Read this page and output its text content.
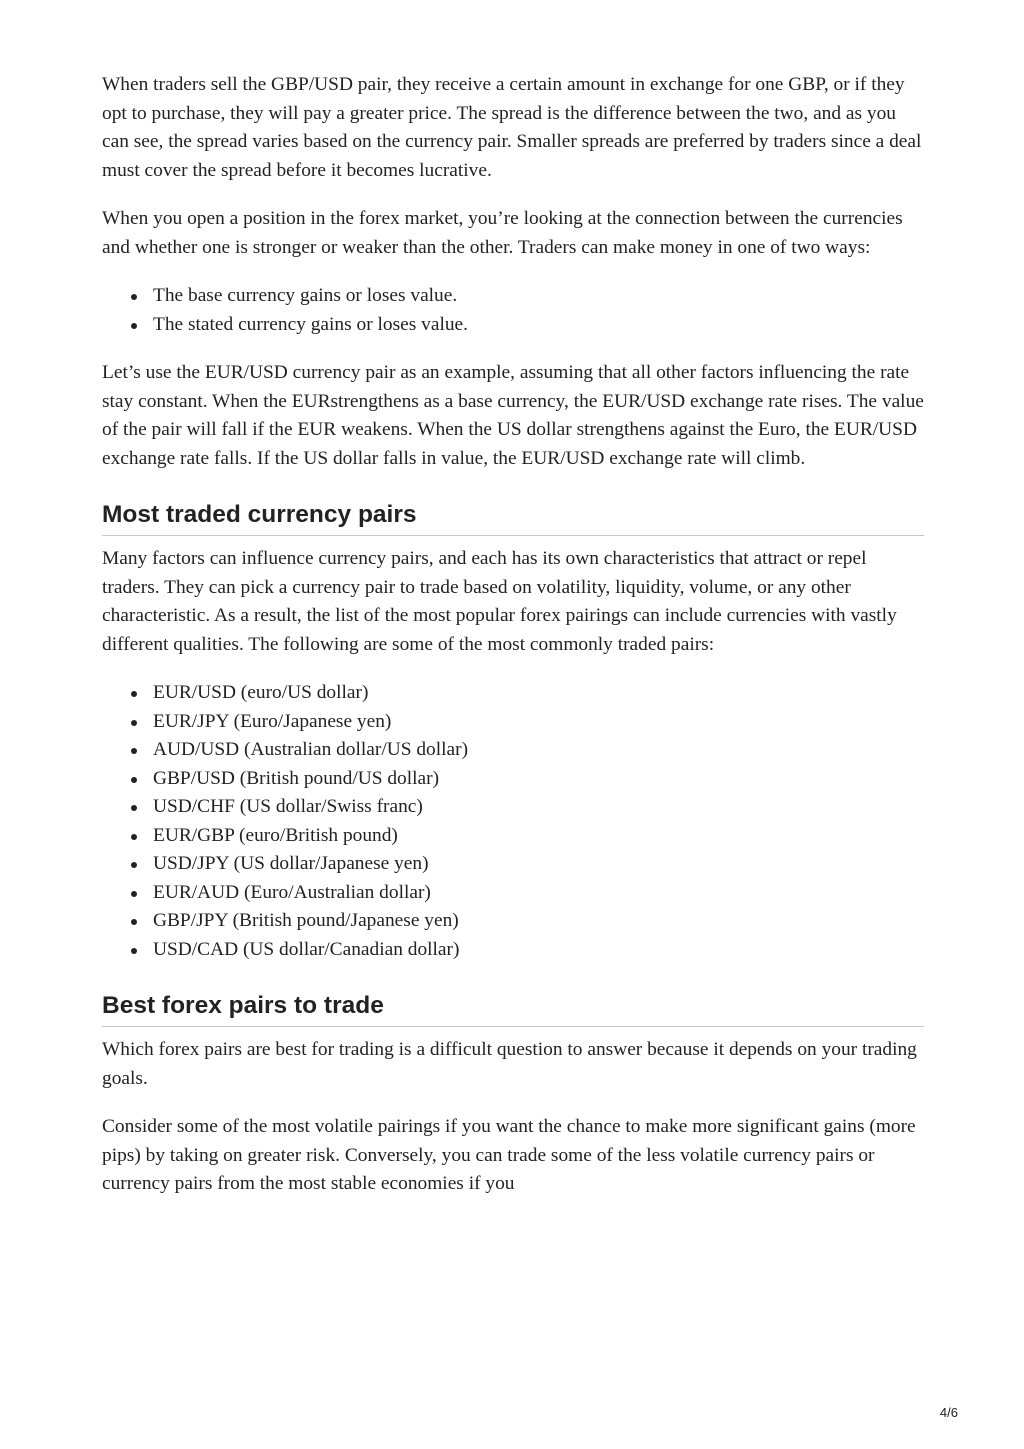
When traders sell the GBP/USD pair, they receive a certain amount in exchange for one GBP, or if they opt to purchase, they will pay a greater price. The spread is the difference between the two, and as you can see, the spread varies based on the currency pair. Smaller spreads are preferred by traders since a deal must cover the spread before it becomes lucrative.

When you open a position in the forex market, you’re looking at the connection between the currencies and whether one is stronger or weaker than the other. Traders can make money in one of two ways:

The base currency gains or loses value.
The stated currency gains or loses value.

Let’s use the EUR/USD currency pair as an example, assuming that all other factors influencing the rate stay constant. When the EURstrengthens as a base currency, the EUR/USD exchange rate rises. The value of the pair will fall if the EUR weakens. When the US dollar strengthens against the Euro, the EUR/USD exchange rate falls. If the US dollar falls in value, the EUR/USD exchange rate will climb.

Most traded currency pairs

Many factors can influence currency pairs, and each has its own characteristics that attract or repel traders. They can pick a currency pair to trade based on volatility, liquidity, volume, or any other characteristic. As a result, the list of the most popular forex pairings can include currencies with vastly different qualities. The following are some of the most commonly traded pairs:

EUR/USD (euro/US dollar)
EUR/JPY (Euro/Japanese yen)
AUD/USD (Australian dollar/US dollar)
GBP/USD (British pound/US dollar)
USD/CHF (US dollar/Swiss franc)
EUR/GBP (euro/British pound)
USD/JPY (US dollar/Japanese yen)
EUR/AUD (Euro/Australian dollar)
GBP/JPY (British pound/Japanese yen)
USD/CAD (US dollar/Canadian dollar)
Best forex pairs to trade

Which forex pairs are best for trading is a difficult question to answer because it depends on your trading goals.

Consider some of the most volatile pairings if you want the chance to make more significant gains (more pips) by taking on greater risk. Conversely, you can trade some of the less volatile currency pairs or currency pairs from the most stable economies if you

4/6
